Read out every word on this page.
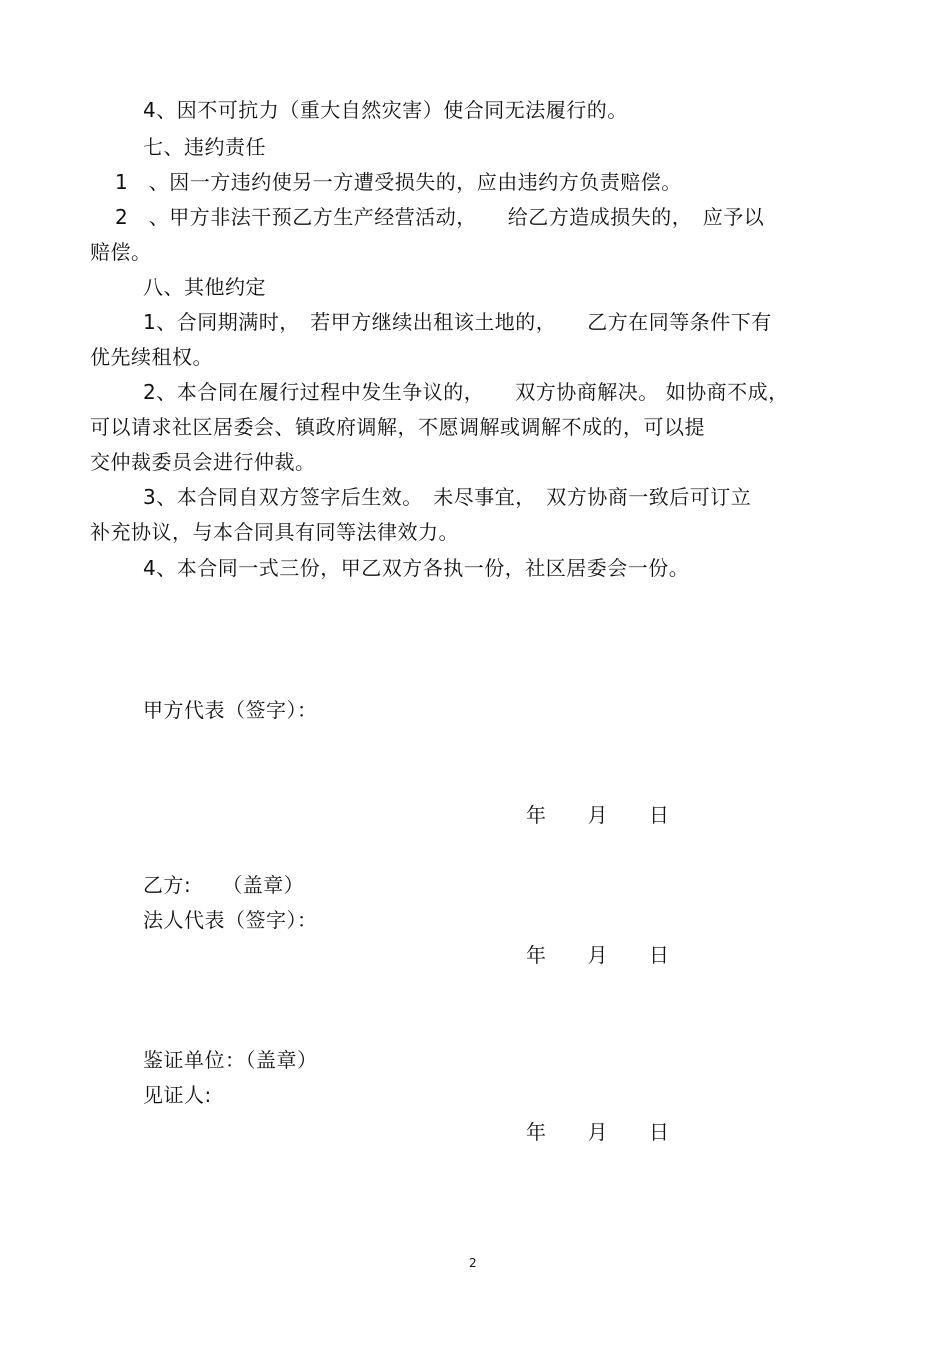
4、因不可抗力（重大自然灾害）使合同无法履行的。
七、违约责任
1　、因一方违约使另一方遭受损失的，应由违约方负责赔偿。
2　、甲方非法干预乙方生产经营活动，　　给乙方造成损失的，　应予以
赔偿。
八、其他约定
1、合同期满时，　若甲方继续出租该土地的，　　乙方在同等条件下有
优先续租权。
2、本合同在履行过程中发生争议的，　　双方协商解决。 如协商不成，
可以请求社区居委会、镇政府调解，不愿调解或调解不成的，可以提
交仲裁委员会进行仲裁。
3、本合同自双方签字后生效。　未尽事宜，　双方协商一致后可订立
补充协议，与本合同具有同等法律效力。
4、本合同一式三份，甲乙双方各执一份，社区居委会一份。
甲方代表（签字）：
年　　月　　日
乙方:　　（盖章）
法人代表（签字）：
年　　月　　日
鉴证单位：（盖章）
见证人:
年　　月　　日
2
